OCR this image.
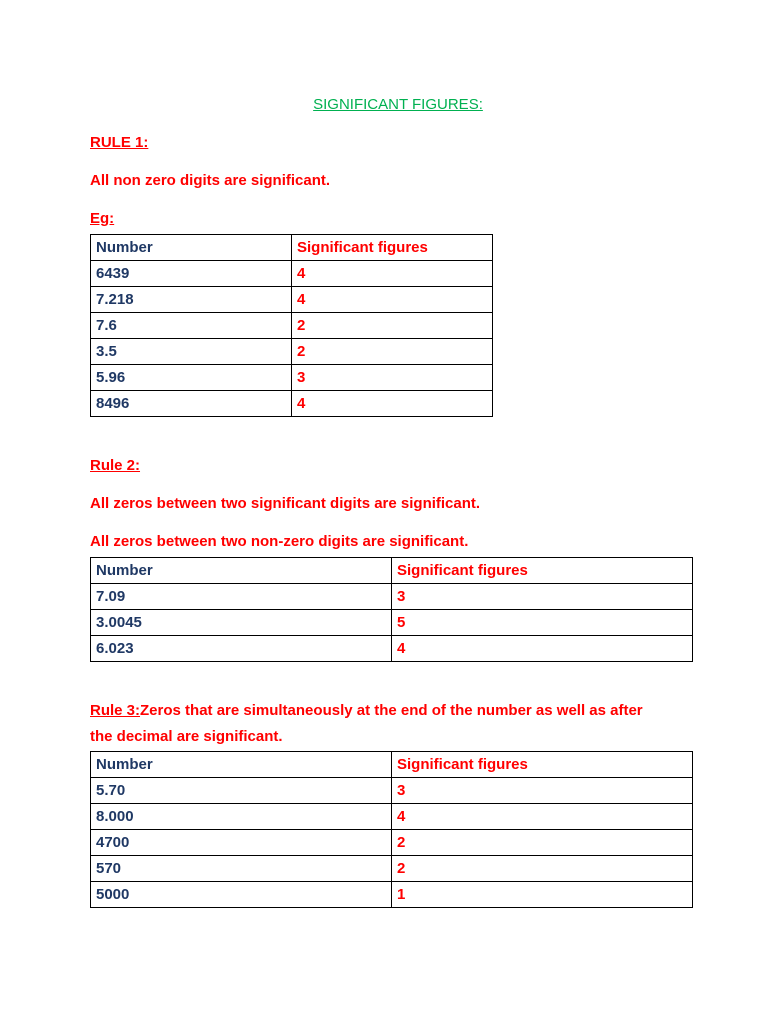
SIGNIFICANT FIGURES:
RULE 1:
All non zero digits are significant.
Eg:
Number	Significant figures
6439	4
7.218	4
7.6	2
3.5	2
5.96	3
8496	4
Rule 2:
All zeros between two significant digits are significant.
All zeros between two non-zero digits are significant.
Number	Significant figures
7.09	3
3.0045	5
6.023	4
Rule 3:Zeros that are simultaneously at the end of the number as well as after
the decimal are significant.
Number	Significant figures
5.70	3
8.000	4
4700	2
570	2
5000	1
